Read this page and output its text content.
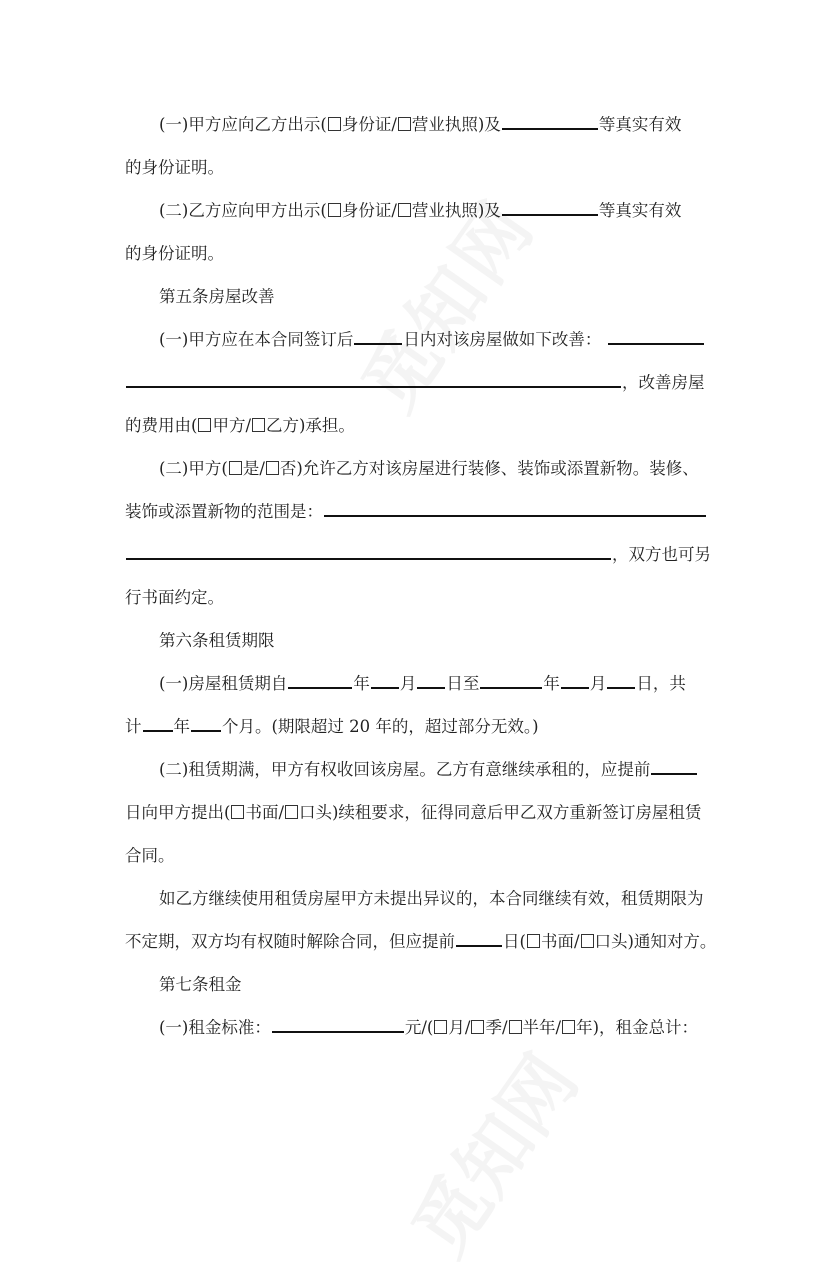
(一)甲方应向乙方出示( 身份证/ 营业执照)及	等真实有效
的身份证明。
(二)乙方应向甲方出示( 身份证/ 营业执照)及	等真实有效
的身份证明。
第五条房屋改善
(一)甲方应在本合同签订后	日内对该房屋做如下改善：
，改善房屋
的费用由( 甲方/ 乙方)承担。
(二)甲方( 是/ 否)允许乙方对该房屋进行装修、装饰或添置新物。装修、
装饰或添置新物的范围是：
，双方也可另
行书面约定。
第六条租赁期限
(一)房屋租赁期自	年 月 日至	年 月 日，共
计 年 个月。(期限超过 20 年的，超过部分无效。)
(二)租赁期满，甲方有权收回该房屋。乙方有意继续承租的，应提前
日向甲方提出( 书面/ 口头)续租要求，征得同意后甲乙双方重新签订房屋租赁
合同。
如乙方继续使用租赁房屋甲方未提出异议的，本合同继续有效，租赁期限为
不定期，双方均有权随时解除合同，但应提前	日( 书面/ 口头)通知对方。
第七条租金
(一)租金标准：	元/( 月/ 季/ 半年/ 年)，租金总计：
